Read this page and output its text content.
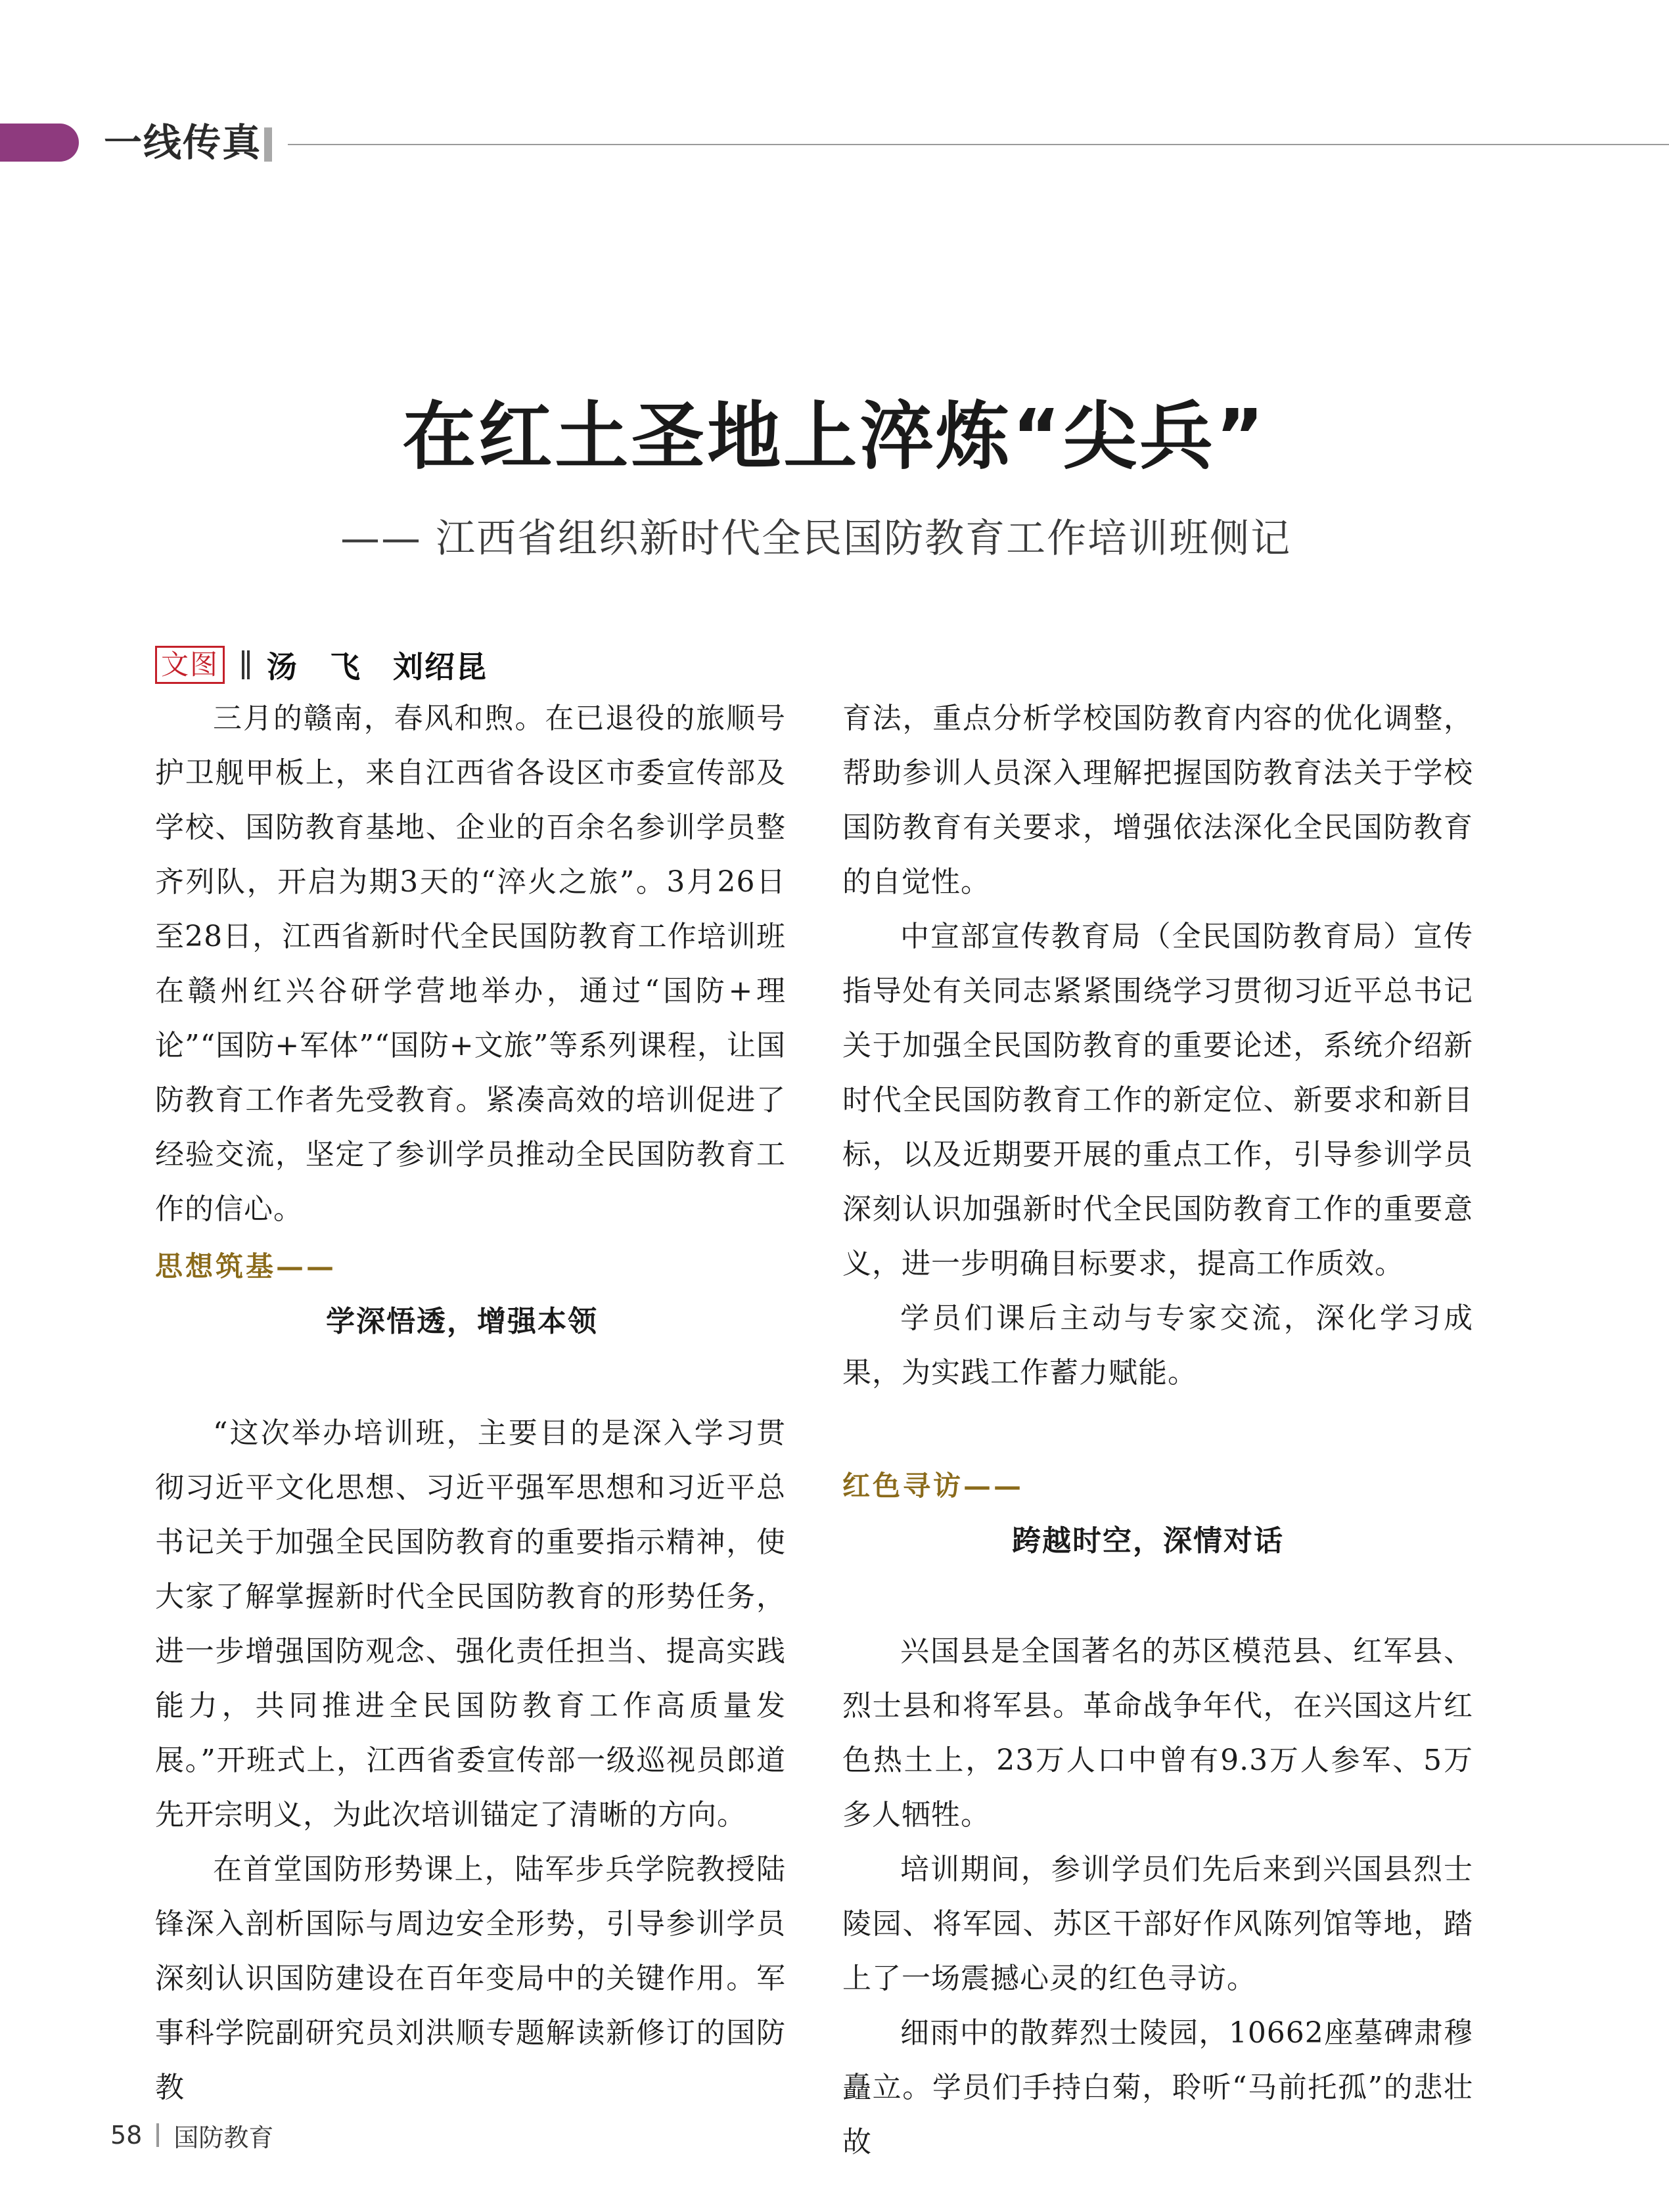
一线传真
在红土圣地上淬炼“尖兵”
—— 江西省组织新时代全民国防教育工作培训班侧记
文图 汤　飞　刘绍昆

三月的赣南，春风和煦。在已退役的旅顺号护卫舰甲板上，来自江西省各设区市委宣传部及学校、国防教育基地、企业的百余名参训学员整齐列队，开启为期3天的“淬火之旅”。3月26日至28日，江西省新时代全民国防教育工作培训班在赣州红兴谷研学营地举办，通过“国防+理论”“国防+军体”“国防+文旅”等系列课程，让国防教育工作者先受教育。紧凑高效的培训促进了经验交流，坚定了参训学员推动全民国防教育工作的信心。

思想筑基——
学深悟透，增强本领

“这次举办培训班，主要目的是深入学习贯彻习近平文化思想、习近平强军思想和习近平总书记关于加强全民国防教育的重要指示精神，使大家了解掌握新时代全民国防教育的形势任务，进一步增强国防观念、强化责任担当、提高实践能力，共同推进全民国防教育工作高质量发展。”开班式上，江西省委宣传部一级巡视员郎道先开宗明义，为此次培训锚定了清晰的方向。

在首堂国防形势课上，陆军步兵学院教授陆锋深入剖析国际与周边安全形势，引导参训学员深刻认识国防建设在百年变局中的关键作用。军事科学院副研究员刘洪顺专题解读新修订的国防教

育法，重点分析学校国防教育内容的优化调整，帮助参训人员深入理解把握国防教育法关于学校国防教育有关要求，增强依法深化全民国防教育的自觉性。

中宣部宣传教育局（全民国防教育局）宣传指导处有关同志紧紧围绕学习贯彻习近平总书记关于加强全民国防教育的重要论述，系统介绍新时代全民国防教育工作的新定位、新要求和新目标，以及近期要开展的重点工作，引导参训学员深刻认识加强新时代全民国防教育工作的重要意义，进一步明确目标要求，提高工作质效。

学员们课后主动与专家交流，深化学习成果，为实践工作蓄力赋能。

红色寻访——
跨越时空，深情对话

兴国县是全国著名的苏区模范县、红军县、烈士县和将军县。革命战争年代，在兴国这片红色热土上，23万人口中曾有9.3万人参军、5万多人牺牲。

培训期间，参训学员们先后来到兴国县烈士陵园、将军园、苏区干部好作风陈列馆等地，踏上了一场震撼心灵的红色寻访。

细雨中的散葬烈士陵园，10662座墓碑肃穆矗立。学员们手持白菊，聆听“马前托孤”的悲壮故

58 国防教育
